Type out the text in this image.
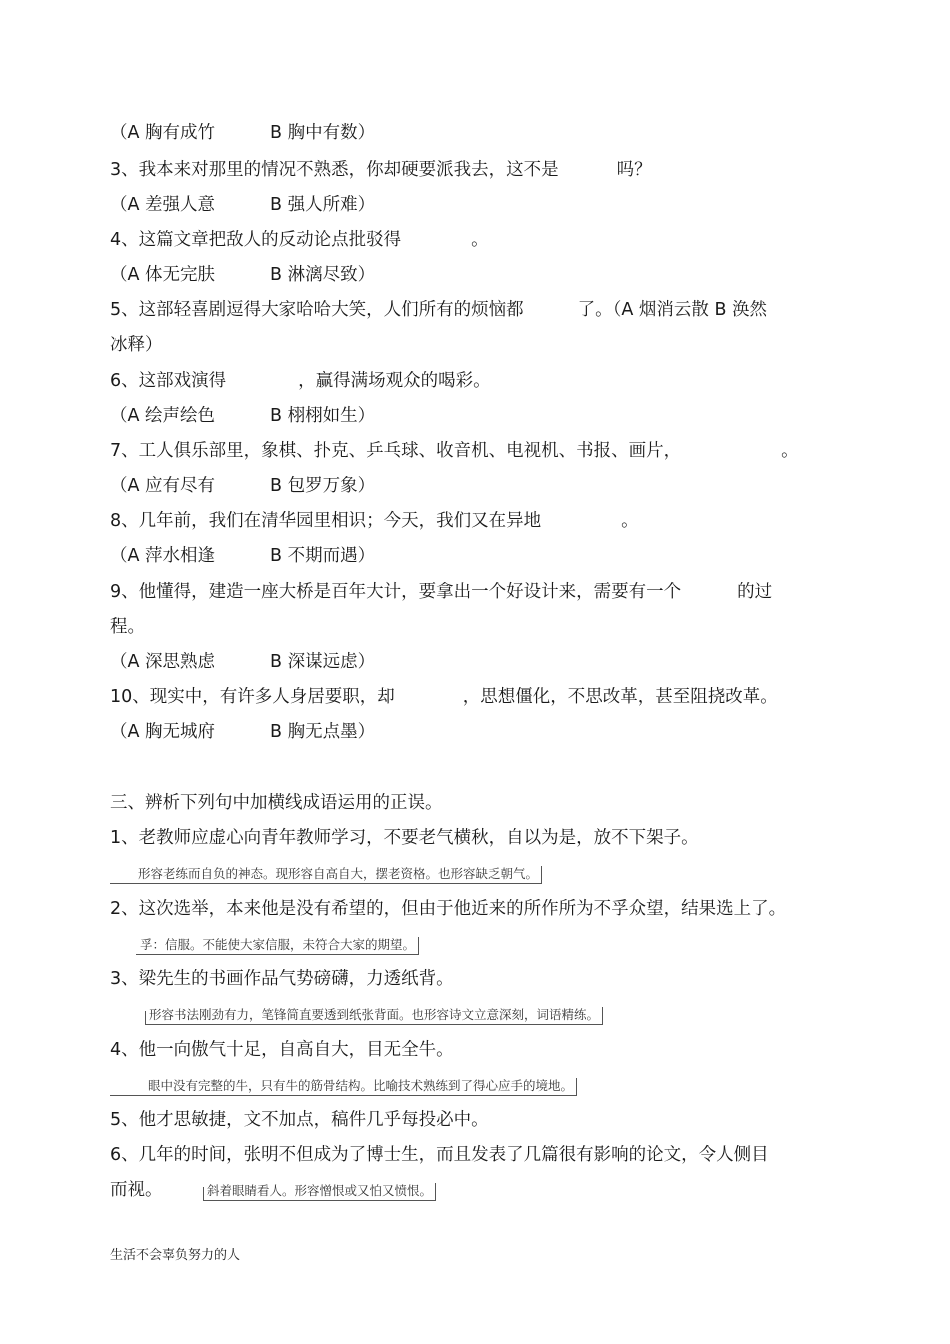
（A 胸有成竹	B 胸中有数）
3、我本来对那里的情况不熟悉，你却硬要派我去，这不是	吗？
（A 差强人意	B 强人所难）
4、这篇文章把敌人的反动论点批驳得	。
（A 体无完肤	B 淋漓尽致）
5、这部轻喜剧逗得大家哈哈大笑，人们所有的烦恼都	了。（A 烟消云散 B 涣然
冰释）
6、这部戏演得	，赢得满场观众的喝彩。
（A 绘声绘色	B 栩栩如生）
7、工人俱乐部里，象棋、扑克、乒乓球、收音机、电视机、书报、画片，	。
（A 应有尽有	B 包罗万象）
8、几年前，我们在清华园里相识；今天，我们又在异地	。
（A 萍水相逢	B 不期而遇）
9、他懂得，建造一座大桥是百年大计，要拿出一个好设计来，需要有一个	的过
程。
（A 深思熟虑	B 深谋远虑）
10、现实中，有许多人身居要职，却	，思想僵化，不思改革，甚至阻挠改革。
（A 胸无城府	B 胸无点墨）
三、辨析下列句中加横线成语运用的正误。
1、老教师应虚心向青年教师学习，不要老气横秋，自以为是，放不下架子。
形容老练而自负的神态。现形容自高自大，摆老资格。也形容缺乏朝气。
2、这次选举，本来他是没有希望的，但由于他近来的所作所为不孚众望，结果选上了。
孚：信服。不能使大家信服，未符合大家的期望。
3、梁先生的书画作品气势磅礴，力透纸背。
形容书法刚劲有力，笔锋简直要透到纸张背面。也形容诗文立意深刻，词语精练。
4、他一向傲气十足，自高自大，目无全牛。
眼中没有完整的牛，只有牛的筋骨结构。比喻技术熟练到了得心应手的境地。
5、他才思敏捷，文不加点，稿件几乎每投必中。
6、几年的时间，张明不但成为了博士生，而且发表了几篇很有影响的论文，令人侧目
而视。	斜着眼睛看人。形容憎恨或又怕又愤恨。
生活不会辜负努力的人
